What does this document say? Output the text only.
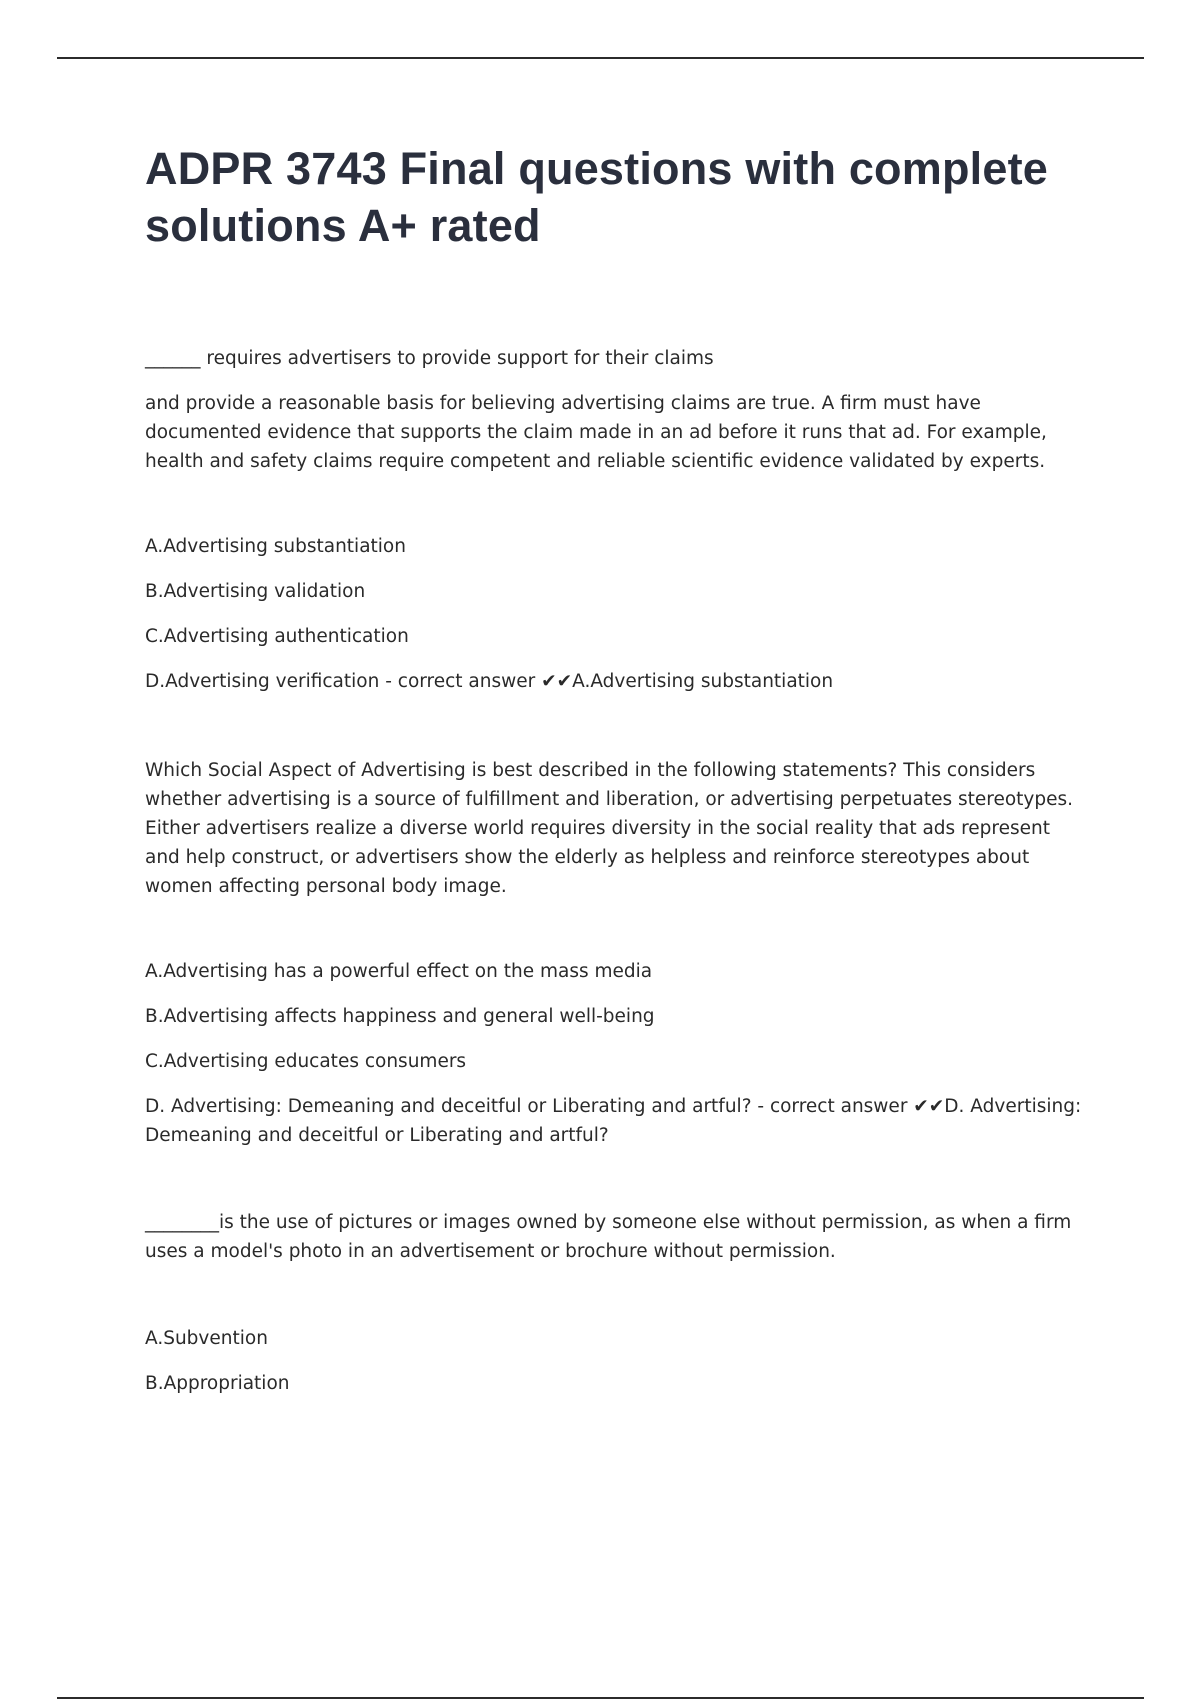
ADPR 3743 Final questions with complete solutions A+ rated

______ requires advertisers to provide support for their claims

and provide a reasonable basis for believing advertising claims are true. A firm must have documented evidence that supports the claim made in an ad before it runs that ad. For example, health and safety claims require competent and reliable scientific evidence validated by experts.

A.Advertising substantiation

B.Advertising validation

C.Advertising authentication

D.Advertising verification - correct answer ✔✔A.Advertising substantiation

Which Social Aspect of Advertising is best described in the following statements? This considers whether advertising is a source of fulfillment and liberation, or advertising perpetuates stereotypes. Either advertisers realize a diverse world requires diversity in the social reality that ads represent and help construct, or advertisers show the elderly as helpless and reinforce stereotypes about women affecting personal body image.

A.Advertising has a powerful effect on the mass media

B.Advertising affects happiness and general well-being

C.Advertising educates consumers

D. Advertising: Demeaning and deceitful or Liberating and artful? - correct answer ✔✔D. Advertising: Demeaning and deceitful or Liberating and artful?

________is the use of pictures or images owned by someone else without permission, as when a firm uses a model's photo in an advertisement or brochure without permission.

A.Subvention

B.Appropriation
